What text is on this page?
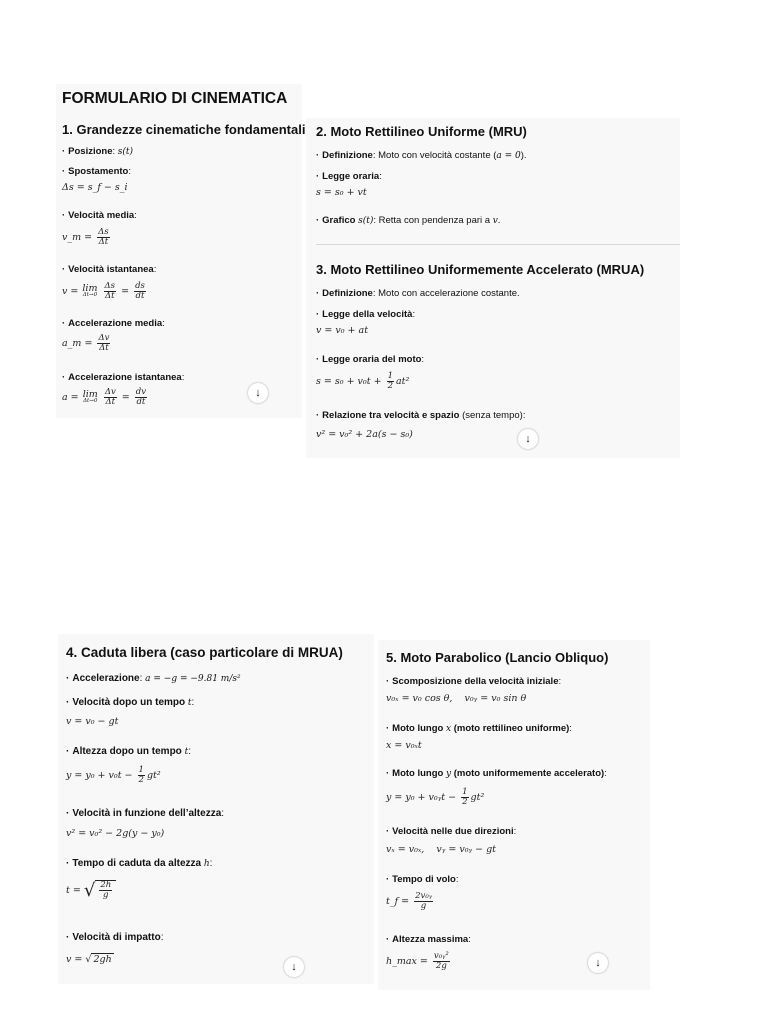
FORMULARIO DI CINEMATICA
1. Grandezze cinematiche fondamentali
· Posizione: s(t)
· Spostamento:
Δs = s_f − s_i
· Velocità media:
v_m = $\frac{\Delta s}{\Delta t}$
· Velocità istantanea:
v = lim
Δt→0
$\frac{\Delta s}{\Delta t} = \frac{ds}{dt}$
· Accelerazione media:
a_m = $\frac{\Delta v}{\Delta t}$
· Accelerazione istantanea:
a = lim
Δt→0
$\frac{\Delta v}{\Delta t} = \frac{dv}{dt}$	↓
2. Moto Rettilineo Uniforme (MRU)
· Definizione: Moto con velocità costante (a = 0).
· Legge oraria:
s = s₀ + vt
· Grafico s(t): Retta con pendenza pari a v.
3. Moto Rettilineo Uniformemente Accelerato (MRUA)
· Definizione: Moto con accelerazione costante.
· Legge della velocità:
v = v₀ + at
· Legge oraria del moto:
$s = s_0 + v_0t + \frac{1}{2} at^2$
· Relazione tra velocità e spazio (senza tempo):
v² = v₀² + 2a(s − s₀)	↓
4. Caduta libera (caso particolare di MRUA)
· Accelerazione: a = −g = −9.81 m/s²
· Velocità dopo un tempo t:
v = v₀ − gt
· Altezza dopo un tempo t:
$y = y_0 + v_0t - \frac{1}{2} gt^2$
· Velocità in funzione dell’altezza:
v² = v₀² − 2g(y − y₀)
· Tempo di caduta da altezza h:
t = √ $\frac{2h}{g}$
· Velocità di impatto:
v = √ 2gh
↓
5. Moto Parabolico (Lancio Obliquo)
· Scomposizione della velocità iniziale:
v₀ₓ = v₀ cos θ,    v₀ᵧ = v₀ sin θ
· Moto lungo x (moto rettilineo uniforme):
x = v₀ₓt
· Moto lungo y (moto uniformemente accelerato):
y = y₀ + v₀ᵧt − $\frac{1}{2} gt^2$
· Velocità nelle due direzioni:
vₓ = v₀ₓ,    vᵧ = v₀ᵧ − gt
· Tempo di volo:
t_f = $\frac{\text{2v₀ᵧ}}{g}$
· Altezza massima:
h_max = $\frac{\text{v₀ᵧ²}}{2g}$	↓
